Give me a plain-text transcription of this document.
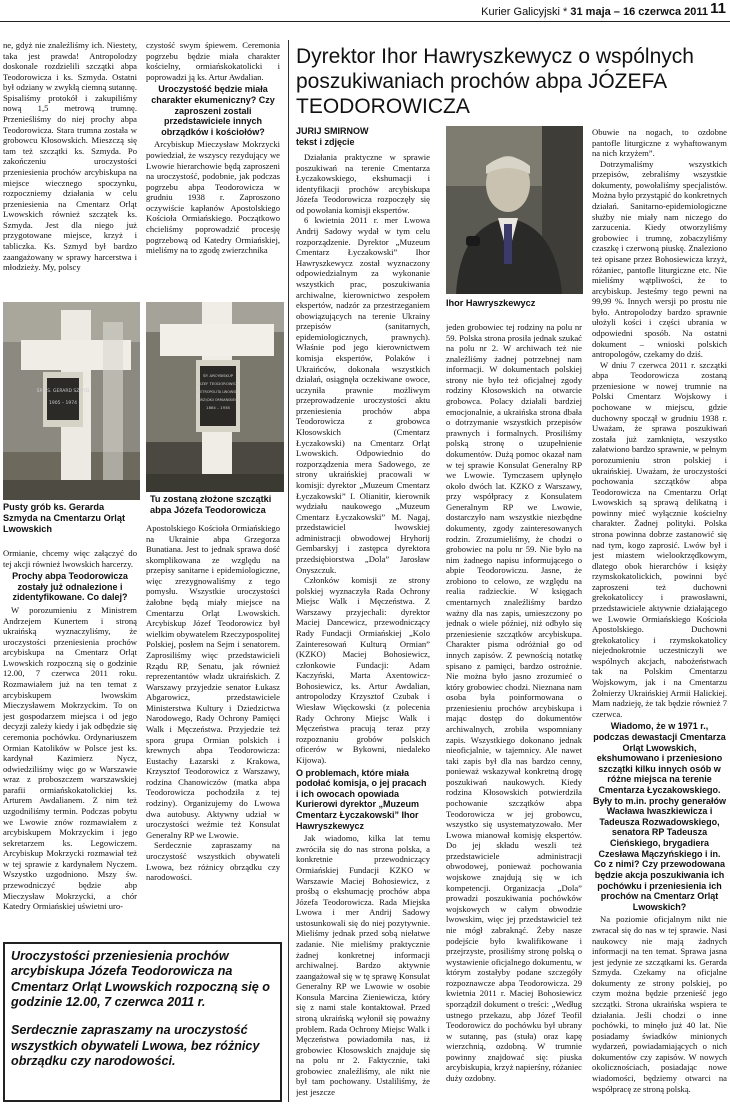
Kurier Galicyjski * 31 maja – 16 czerwca 2011 11

ne, gdyż nie znaleźliśmy ich. Niestety, taka jest prawda! Antropolodzy doskonale rozdzielili szczątki abpa Teodorowicza i ks. Szmyda. Ostatni był odziany w zwykłą ciemną sutannę. Spisaliśmy protokół i zakupiliśmy nową 1,5 metrową trumnę. Przenieśliśmy do niej prochy abpa Teodorowicza. Stara trumna została w grobowcu Kłosowskich. Mieszczą się tam też szczątki ks. Szmyda. Po zakończeniu uroczystości przeniesienia prochów arcybiskupa na miejsce wiecznego spoczynku, rozpoczniemy działania w celu przeniesienia na Cmentarz Orląt Lwowskich również szczątek ks. Szmyda. Jest dla niego już przygotowane miejsce, krzyż i tabliczka. Ks. Szmyd był bardzo zaangażowany w sprawy harcerstwa i młodzieży. My, polscy

czystość swym śpiewem. Ceremonia pogrzebu będzie miała charakter kościelny, ormiańskokatolicki i poprowadzi ją ks. Artur Awdalian.

Uroczystość będzie miała charakter ekumeniczny? Czy zaproszeni zostali przedstawiciele innych obrządków i kościołów?

Arcybiskup Mieczysław Mokrzycki powiedział, że wszyscy rezydujący we Lwowie hierarchowie będą zaproszeni na uroczystość, podobnie, jak podczas pogrzebu abpa Teodorowicza w grudniu 1938 r. Zaproszono oczywiście kapłanów Apostolskiego Kościoła Ormiańskiego. Początkowo chcieliśmy poprowadzić procesję pogrzebową od Katedry Ormiańskiej, mieliśmy na to zgodę zwierzchnika

ŚP. KS. GERARD SZMYD
1905 – 1974
Pusty grób ks. Gerarda Szmyda na Cmentarzu Orląt Lwowskich
ŚP. ARCYBISKUP
JÓZEF TEODOROWICZ
METROPOLITA LWOWSKI
OBRZĄDKU ORMIAŃSKIEGO
1864 – 1938
Tu zostaną złożone szczątki abpa Józefa Teodorowicza

Ormianie, chcemy więc załączyć do tej akcji również lwowskich harcerzy.

Prochy abpa Teodorowicza zostały już odnalezione i zidentyfikowane. Co dalej?

W porozumieniu z Ministrem Andrzejem Kunertem i stroną ukraińską wyznaczyliśmy, że uroczystości przeniesienia prochów arcybiskupa na Cmentarz Orląt Lwowskich rozpoczną się o godzinie 12.00, 7 czerwca 2011 roku. Rozmawiałem już na ten temat z arcybiskupem lwowskim Mieczysławem Mokrzyckim. To on jest gospodarzem miejsca i od jego decyzji zależy kiedy i jak odbędzie się ceremonia pochówku. Ordynariuszem Ormian Katolików w Polsce jest ks. kardynał Kazimierz Nycz, odwiedziliśmy więc go w Warszawie wraz z proboszczem warszawskiej parafii ormiańskokatolickiej ks. Arturem Awdalianem. Z nim też uzgodniliśmy termin. Podczas pobytu we Lwowie znów rozmawiałem z arcybiskupem Mokrzyckim i jego sekretarzem ks. Legowiczem. Arcybiskup Mokrzycki rozmawiał też w tej sprawie z kardynałem Nyczem. Wszystko uzgodniono. Mszy św. przewodniczyć będzie abp Mieczysław Mokrzycki, a chór Katedry Ormiańskiej uświetni uro-

Apostolskiego Kościoła Ormiańskiego na Ukrainie abpa Grzegorza Bunatiana. Jest to jednak sprawa dość skomplikowana ze względu na przepisy sanitarne i epidemiologiczne, więc zrezygnowaliśmy z tego pomysłu. Wszystkie uroczystości żałobne będą miały miejsce na Cmentarzu Orląt Lwowskich. Arcybiskup Józef Teodorowicz był wielkim obywatelem Rzeczypospolitej Polskiej, posłem na Sejm i senatorem. Zaprosiliśmy więc przedstawicieli Rządu RP, Senatu, jak również reprezentantów władz ukraińskich. Z Warszawy przyjedzie senator Łukasz Abgarowicz, przedstawiciele Ministerstwa Kultury i Dziedzictwa Narodowego, Rady Ochrony Pamięci Walk i Męczeństwa. Przyjedzie też spora grupa Ormian polskich i krewnych abpa Teodorowicza: Eustachy Łazarski z Krakowa, Krzysztof Teodorowicz z Warszawy, rodzina Chanowiczów (matka abpa Teodorowicza pochodziła z tej rodziny). Organizujemy do Lwowa dwa autobusy. Aktywny udział w uroczystości weźmie też Konsulat Generalny RP we Lwowie.

Serdecznie zapraszamy na uroczystość wszystkich obywateli Lwowa, bez różnicy obrządku czy narodowości.

Uroczystości przeniesienia prochów arcybiskupa Józefa Teodorowicza na Cmentarz Orląt Lwowskich rozpoczną się o godzinie 12.00, 7 czerwca 2011 r.
Serdecznie zapraszamy na uroczystość wszystkich obywateli Lwowa, bez różnicy obrządku czy narodowości.
Dyrektor Ihor Hawryszkewycz o wspólnych poszukiwaniach prochów abpa JÓZEFA TEODOROWICZA
JURIJ SMIRNOW
tekst i zdjęcie

Działania praktyczne w sprawie poszukiwań na terenie Cmentarza Łyczakowskiego, ekshumacji i identyfikacji prochów arcybiskupa Józefa Teodorowicza rozpoczęły się od powołania komisji ekspertów.

6 kwietnia 2011 r. mer Lwowa Andrij Sadowy wydał w tym celu rozporządzenie. Dyrektor „Muzeum Cmentarz Łyczakowski” Ihor Hawryszkewycz został wyznaczony odpowiedzialnym za wykonanie wszystkich prac, poszukiwania archiwalne, kierownictwo zespołem ekspertów, nadzór za przestrzeganiem obowiązujących na terenie Ukrainy przepisów (sanitarnych, epidemiologicznych, prawnych). Właśnie pod jego kierownictwem komisja ekspertów, Polaków i Ukraińców, dokonała wszystkich działań, osiągnęła oczekiwane owoce, uczyniła prawnie możliwym przeprowadzenie uroczystości aktu przeniesienia prochów abpa Teodorowicza z grobowca Kłosowskich (Cmentarz Łyczakowski) na Cmentarz Orląt Lwowskich. Odpowiednio do rozporządzenia mera Sadowego, ze strony ukraińskiej pracowali w komisji: dyrektor „Muzeum Cmentarz Łyczakowski” I. Olianitir, kierownik wydziału naukowego „Muzeum Cmentarz Łyczakowski” M. Nagaj, przedstawiciel lwowskiej administracji obwodowej Hryhorij Gembarskyj i zastępca dyrektora przedsiębiorstwa „Dola” Jarosław Onyszczuk.

Członków komisji ze strony polskiej wyznaczyła Rada Ochrony Miejsc Walk i Męczeństwa. Z Warszawy przyjechali: dyrektor Maciej Dancewicz, przewodniczący Rady Fundacji Ormiańskiej „Kolo Zainteresowań Kulturą Ormian” (KZKO) Maciej Bohosiewicz, członkowie Fundacji: Adam Kaczyński, Marta Axentowicz-Bohosiewicz, ks. Artur Awdalian, antropolodzy Krzysztof Czubak i Wiesław Więckowski (z polecenia Rady Ochrony Miejsc Walk i Męczeństwa pracują teraz przy rozpoznaniu grobów polskich oficerów w Bykowni, niedaleko Kijowa).

O problemach, które miała podołać komisja, o jej pracach i ich owocach opowiada Kurierowi dyrektor „Muzeum Cmentarz Łyczakowski” Ihor Hawryszkewycz

Jak wiadomo, kilka lat temu zwróciła się do nas strona polska, a konkretnie przewodniczący Ormiańskiej Fundacji KZKO w Warszawie Maciej Bohosiewicz, z prośbą o ekshumację prochów abpa Józefa Teodorowicza. Rada Miejska Lwowa i mer Andrij Sadowy ustosunkowali się do niej pozytywnie. Mieliśmy jednak przed sobą niełatwe zadanie. Nie mieliśmy praktycznie żadnej konkretnej informacji archiwalnej. Bardzo aktywnie zaangażował się w tę sprawę Konsulat Generalny RP we Lwowie w osobie Konsula Marcina Zieniewicza, który się z nami stale kontaktował. Przed stroną ukraińską wyłonił się poważny problem. Rada Ochrony Miejsc Walk i Męczeństwa powiadomiła nas, iż grobowiec Kłosowskich znajduje się na polu nr 2. Faktycznie, taki grobowiec znaleźliśmy, ale nikt nie był tam pochowany. Ustaliliśmy, że jest jeszcze

Ihor Hawryszkewycz

jeden grobowiec tej rodziny na polu nr 59. Polska strona prosiła jednak szukać na polu nr 2. W archiwach też nie znaleźliśmy żadnej potrzebnej nam informacji. W dokumentach polskiej strony nie było też oficjalnej zgody rodziny Kłosowskich na otwarcie grobowca. Polacy działali bardziej emocjonalnie, a ukraińska strona dbała o dotrzymanie wszystkich przepisów prawnych i formalnych. Prosiliśmy polską stronę o uzupełnienie dokumentów. Dużą pomoc okazał nam w tej sprawie Konsulat Generalny RP we Lwowie. Tymczasem upłynęło około dwóch lat. KZKO z Warszawy, przy współpracy z Konsulatem Generalnym RP we Lwowie, dostarczyło nam wszystkie niezbędne dokumenty, zgody zainteresowanych rodzin. Zrozumieliśmy, że chodzi o grobowiec na polu nr 59. Nie było na nim żadnego napisu informującego o abpie Teodorowiczu. Jasne, że zrobiono to celowo, ze względu na realia radzieckie. W księgach cmentarnych znaleźliśmy bardzo ważny dla nas zapis, umieszczony po jednak o wiele później, niż odbyło się przeniesienie szczątków arcybiskupa. Charakter pisma odróżniał go od innych zapisów. Z pewnością notatkę spisano z pamięci, bardzo ostrożnie. Nie można było jasno zrozumieć o który grobowiec chodzi. Nieznana nam osoba była poinformowana o przeniesieniu prochów arcybiskupa i mając dostęp do dokumentów archiwalnych, zrobiła wspomniany zapis. Wszystkiego dokonano jednak nieoficjalnie, w tajemnicy. Ale nawet taki zapis był dla nas bardzo cenny, ponieważ wskazywał konkretną drogę poszukiwań naukowych. Kiedy rodzina Kłosowskich potwierdziła pochowanie szczątków abpa Teodorowicza w jej grobowcu, wszystko się usystematyzowało. Mer Lwowa mianował komisję ekspertów. Do jej składu weszli też przedstawiciele administracji obwodowej, ponieważ pochowania wojskowe znajdują się w ich kompetencji. Organizacja „Dola” prowadzi poszukiwania pochówków wojskowych w całym obwodzie lwowskim, więc jej przedstawiciel też nie mógł zabraknąć. Żeby nasze podejście było kwalifikowane i przejrzyste, prosiliśmy stronę polską o wystawienie oficjalnego dokumentu, w którym zostałyby podane szczegóły rozpoznawcze abpa Teodorowicza. 29 kwietnia 2011 r. Maciej Bohosiewicz sporządził dokument o treści: „Według ustnego przekazu, abp Józef Teofil Teodorowicz do pochówku był ubrany w sutannę, pas (stuła) oraz kapę wierzchnią, ozdobną. W trumnie powinny znajdować się: piuska arcybiskupia, krzyż napierśny, różaniec duży ozdobny.

Obuwie na nogach, to ozdobne pantofle liturgiczne z wyhaftowanym na nich krzyżem”.

Dotrzymaliśmy wszystkich przepisów, zebraliśmy wszystkie dokumenty, powołaliśmy specjalistów. Można było przystąpić do konkretnych działań. Sanitarno-epidemiologiczne służby nie miały nam niczego do zarzucenia. Kiedy otworzyliśmy grobowiec i trumnę, zobaczyliśmy czaszkę i czerwoną piuskę. Znaleziono też opisane przez Bohosiewicza krzyż, różaniec, pantofle liturgiczne etc. Nie mieliśmy wątpliwości, że to arcybiskup. Jesteśmy tego pewni na 99,99 %. Innych wersji po prostu nie było. Antropolodzy bardzo sprawnie ułożyli kości i części ubrania w odpowiedni sposób. Na ostatni dokument – wnioski polskich antropologów, czekamy do dziś.

W dniu 7 czerwca 2011 r. szczątki abpa Teodorowicza zostaną przeniesione w nowej trumnie na Polski Cmentarz Wojskowy i pochowane w miejscu, gdzie duchowny spoczął w grudniu 1938 r. Uważam, że sprawa poszukiwań została już zamknięta, wszystko załatwiono bardzo sprawnie, w pełnym porozumieniu stron polskiej i ukraińskiej. Uważam, że uroczystości pochowania szczątków abpa Teodorowicza na Cmentarzu Orląt Lwowskich są sprawą delikatną i powinny mieć wyłącznie kościelny charakter. Żadnej polityki. Polska strona powinna dobrze zastanowić się nad tym, kogo zaprosić. Lwów był i jest miastem wielookrzędkowym, dlatego obok hierarchów i księży rzymskokatolickich, powinni być zaproszeni też duchowni grekokatoliccy i prawosławni, przedstawiciele aktywnie działającego we Lwowie Ormiańskiego Kościoła Apostolskiego. Duchowni grekokatolicy i rzymskokatolicy niejednokrotnie uczestniczyli we wspólnych akcjach, nabożeństwach tak na Polskim Cmentarzu Wojskowym, jak i na Cmentarzu Żołnierzy Ukraińskiej Armii Halickiej. Mam nadzieję, że tak będzie również 7 czerwca.

Wiadomo, że w 1971 r., podczas dewastacji Cmentarza Orląt Lwowskich, ekshumowano i przeniesiono szczątki kilku innych osób w różne miejsca na terenie Cmentarza Łyczakowskiego. Były to m.in. prochy generałów Wacława Iwaszkiewicza i Tadeusza Rozwadowskiego, senatora RP Tadeusza Cieńskiego, brygadiera Czesława Mączyńskiego i in. Co z nimi? Czy przewodowana będzie akcja poszukiwania ich pochówku i przeniesienia ich prochów na Cmentarz Orląt Lwowskich?

Na poziomie oficjalnym nikt nie zwracał się do nas w tej sprawie. Nasi naukowcy nie mają żadnych informacji na ten temat. Sprawa jasna jest jedynie ze szczątkami ks. Gerarda Szmyda. Czekamy na oficjalne dokumenty ze strony polskiej, po czym można będzie przenieść jego szczątki. Strona ukraińska wspiera te działania. Jeśli chodzi o inne pochówki, to minęło już 40 lat. Nie posiadamy świadków minionych wydarzeń, powiadamiających o nich dokumentów czy zapisów. W nowych okolicznościach, posiadając nowe wiadomości, będziemy otwarci na współpracę ze stroną polską.
